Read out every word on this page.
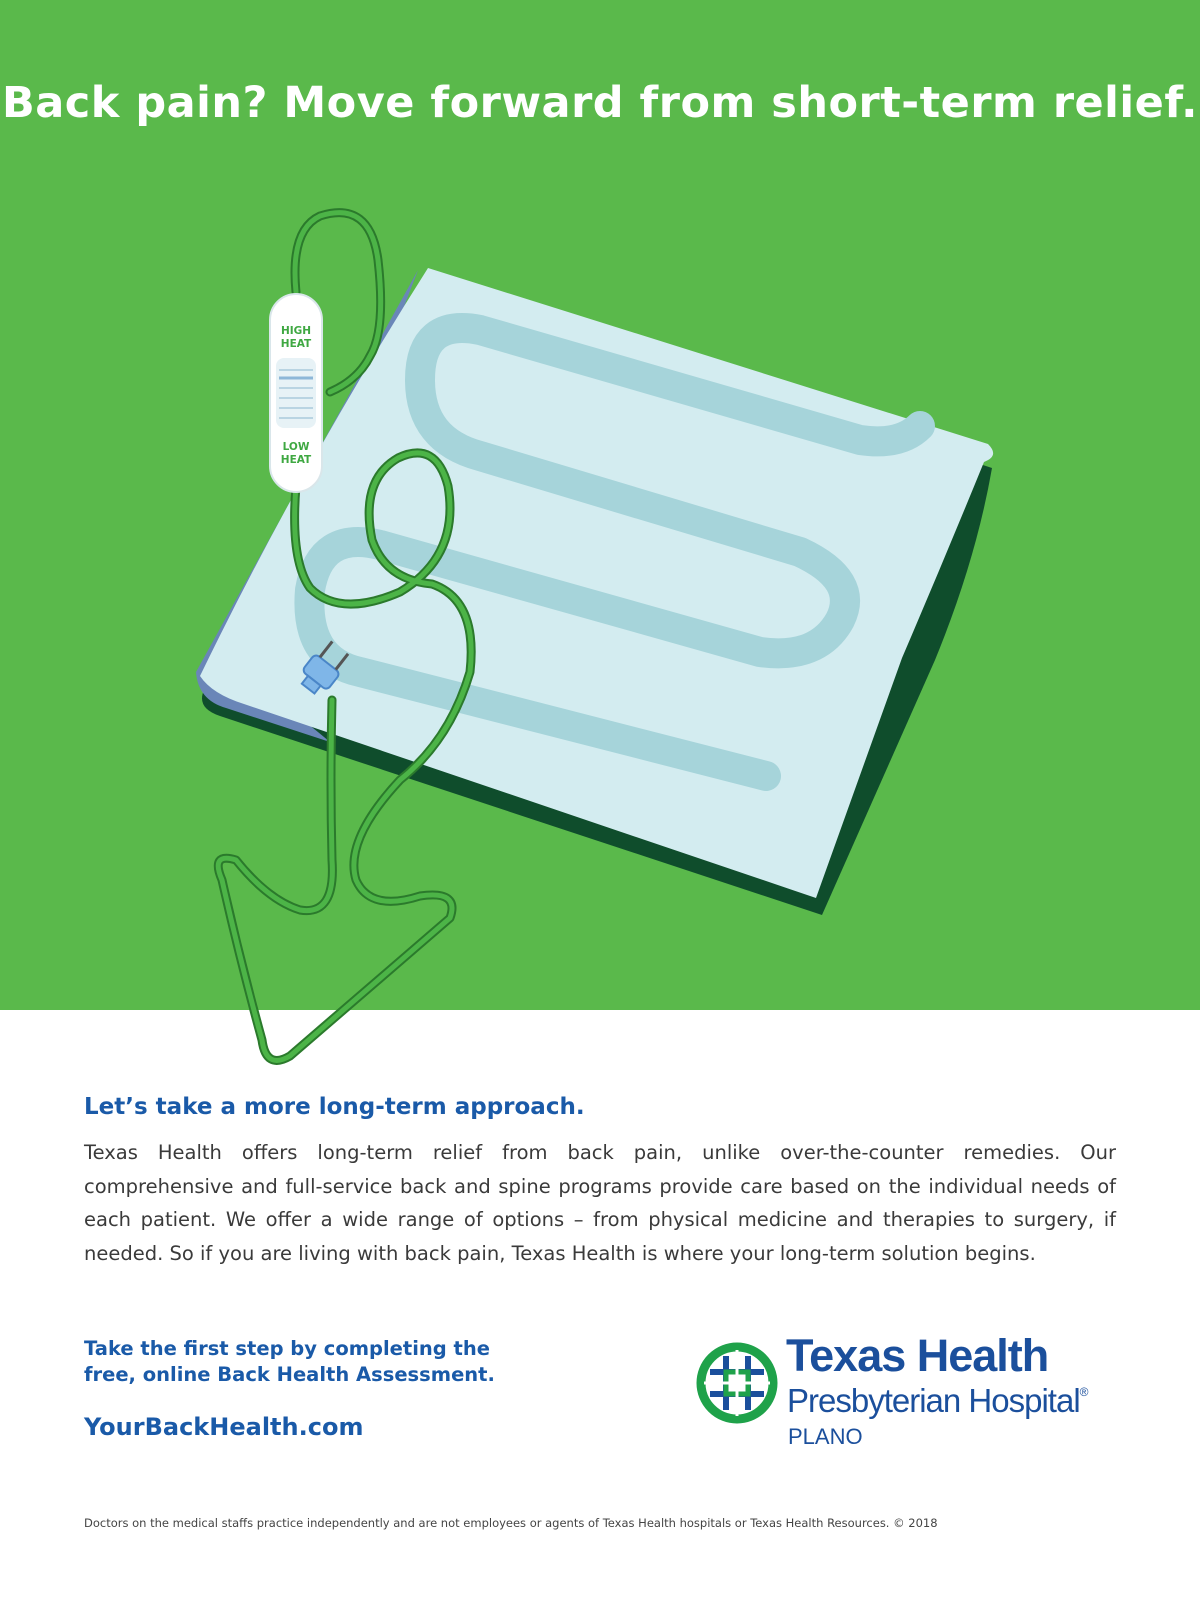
Back pain? Move forward from short-term relief.
HIGH
HEAT
LOW
HEAT
Let’s take a more long-term approach.
Texas Health offers long-term relief from back pain, unlike over-the-counter remedies. Our comprehensive and full-service back and spine programs provide care based on the individual needs of each patient. We offer a wide range of options – from physical medicine and therapies to surgery, if needed. So if you are living with back pain, Texas Health is where your long-term solution begins.
Take the first step by completing the
free, online Back Health Assessment.
YourBackHealth.com
Texas Health
Presbyterian Hospital®
PLANO
Doctors on the medical staffs practice independently and are not employees or agents of Texas Health hospitals or Texas Health Resources. © 2018
